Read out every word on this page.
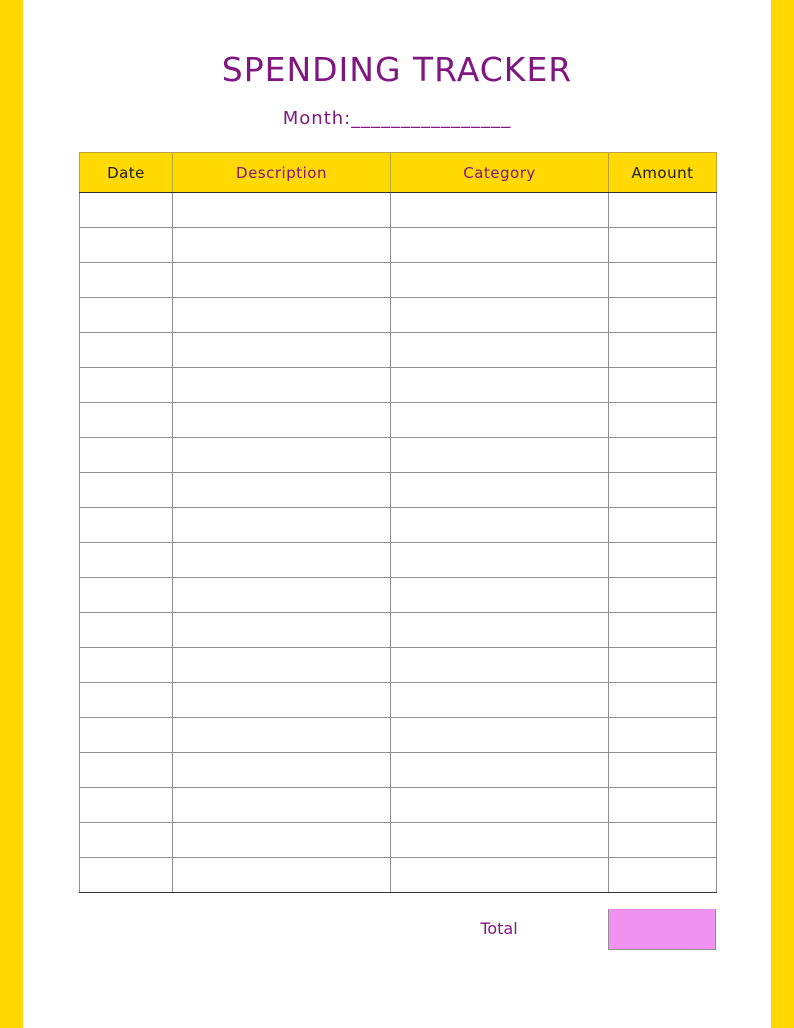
SPENDING TRACKER
Month:________________
Date	Description	Category	Amount

Total
